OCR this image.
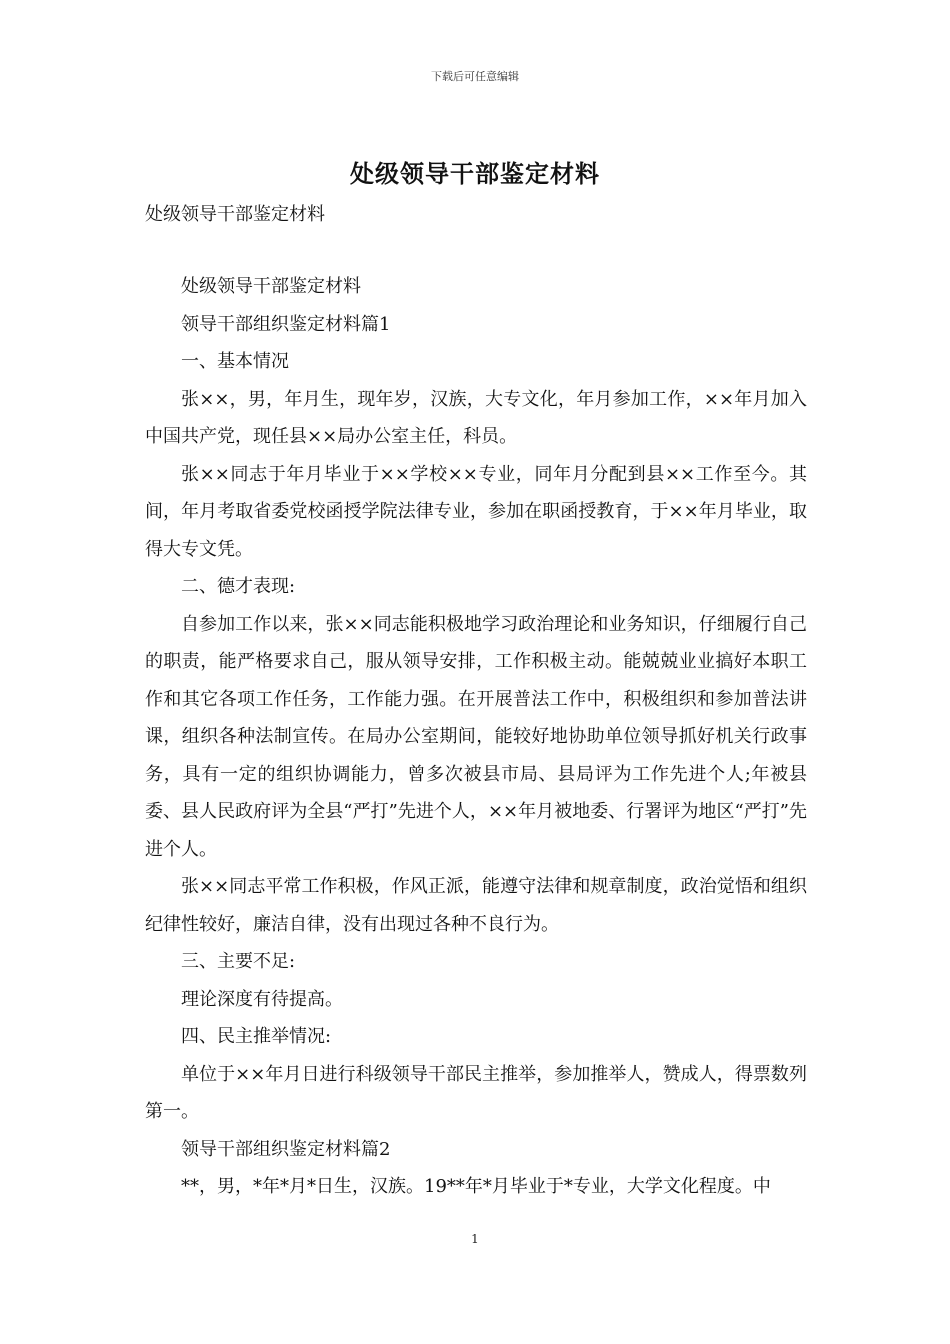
下载后可任意编辑
处级领导干部鉴定材料
处级领导干部鉴定材料

处级领导干部鉴定材料

领导干部组织鉴定材料篇1

一、基本情况

张××，男，年月生，现年岁，汉族，大专文化，年月参加工作，××年月加入中国共产党，现任县××局办公室主任，科员。

张××同志于年月毕业于××学校××专业，同年月分配到县××工作至今。其间，年月考取省委党校函授学院法律专业，参加在职函授教育，于××年月毕业，取得大专文凭。

二、德才表现:

自参加工作以来，张××同志能积极地学习政治理论和业务知识，仔细履行自己的职责，能严格要求自己，服从领导安排，工作积极主动。能兢兢业业搞好本职工作和其它各项工作任务，工作能力强。在开展普法工作中，积极组织和参加普法讲课，组织各种法制宣传。在局办公室期间，能较好地协助单位领导抓好机关行政事务，具有一定的组织协调能力，曾多次被县市局、县局评为工作先进个人;年被县委、县人民政府评为全县“严打”先进个人，××年月被地委、行署评为地区“严打”先进个人。

张××同志平常工作积极，作风正派，能遵守法律和规章制度，政治觉悟和组织纪律性较好，廉洁自律，没有出现过各种不良行为。

三、主要不足:

理论深度有待提高。

四、民主推举情况:

单位于××年月日进行科级领导干部民主推举，参加推举人，赞成人，得票数列第一。

领导干部组织鉴定材料篇2

**，男，*年*月*日生，汉族。19**年*月毕业于*专业，大学文化程度。中

1
